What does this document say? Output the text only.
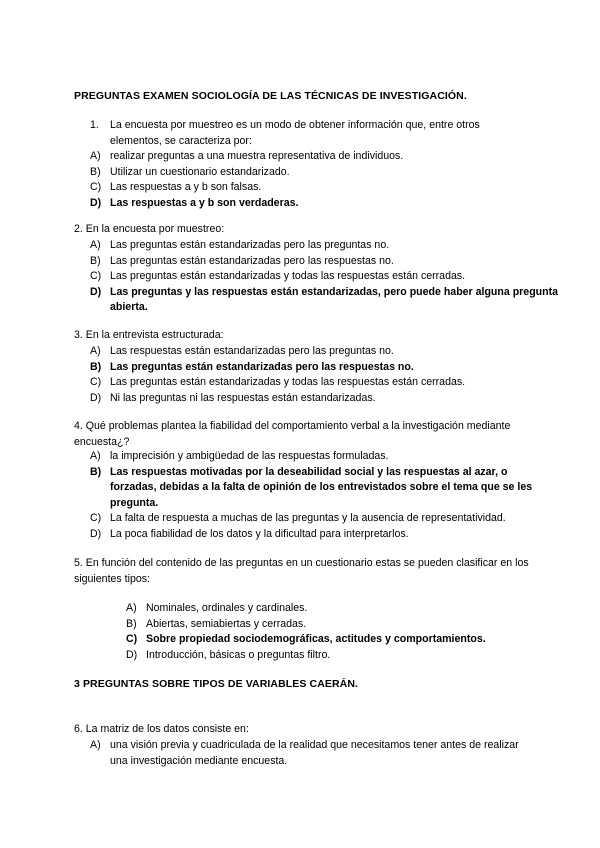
PREGUNTAS EXAMEN SOCIOLOGÍA DE LAS TÉCNICAS DE INVESTIGACIÓN.
1. La encuesta por muestreo es un modo de obtener información que, entre otros elementos, se caracteriza por:
A) realizar preguntas a una muestra representativa de individuos.
B) Utilizar un cuestionario estandarizado.
C) Las respuestas a y b son falsas.
D) Las respuestas a y b son verdaderas.
2. En la encuesta por muestreo:
A) Las preguntas están estandarizadas pero las preguntas no.
B) Las preguntas están estandarizadas pero las respuestas no.
C) Las preguntas están estandarizadas y todas las respuestas están cerradas.
D) Las preguntas y las respuestas están estandarizadas, pero puede haber alguna pregunta abierta.
3. En la entrevista estructurada:
A) Las respuestas están estandarizadas pero las preguntas no.
B) Las preguntas están estandarizadas pero las respuestas no.
C) Las preguntas están estandarizadas y todas las respuestas están cerradas.
D) Ni las preguntas ni las respuestas están estandarizadas.
4. Qué problemas plantea la fiabilidad del comportamiento verbal a la investigación mediante encuesta¿?
A) la imprecisión y ambigüedad de las respuestas formuladas.
B) Las respuestas motivadas por la deseabilidad social y las respuestas al azar, o forzadas, debidas a la falta de opinión de los entrevistados sobre el tema que se les pregunta.
C) La falta de respuesta a muchas de las preguntas y la ausencia de representatividad.
D) La poca fiabilidad de los datos y la dificultad para interpretarlos.
5. En función del contenido de las preguntas en un cuestionario estas se pueden clasificar en los siguientes tipos:
A) Nominales, ordinales y cardinales.
B) Abiertas, semiabiertas y cerradas.
C) Sobre propiedad sociodemográficas, actitudes y comportamientos.
D) Introducción, básicas o preguntas filtro.
3 PREGUNTAS SOBRE TIPOS DE VARIABLES CAERÁN.
6. La matriz de los datos consiste en:
A) una visión previa y cuadriculada de la realidad que necesitamos tener antes de realizar una investigación mediante encuesta.
